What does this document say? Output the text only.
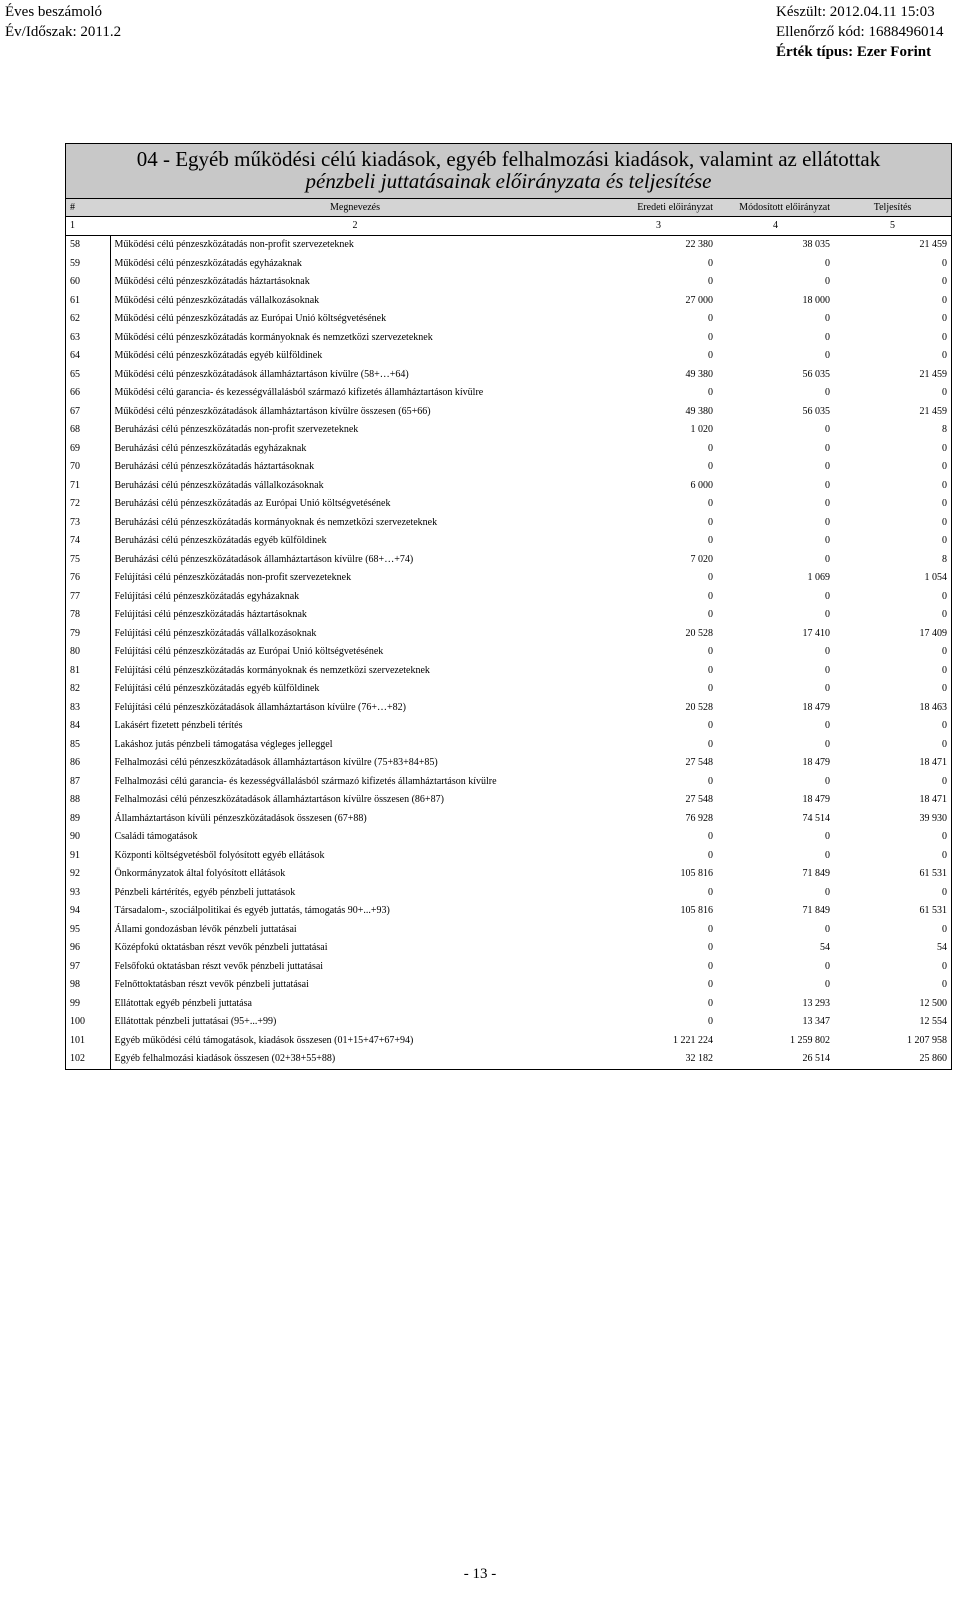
Éves beszámoló
Év/Időszak: 2011.2
Készült: 2012.04.11 15:03
Ellenőrző kód: 1688496014
Érték típus: Ezer Forint
04 - Egyéb működési célú kiadások, egyéb felhalmozási kiadások, valamint az ellátottak
pénzbeli juttatásainak előirányzata és teljesítése
#	Megnevezés	Eredeti előirányzat	Módosított előirányzat	Teljesítés
1	2	3	4	5
58	Működési célú pénzeszközátadás non-profit szervezeteknek	22 380	38 035	21 459
59	Működési célú pénzeszközátadás egyházaknak	0	0	0
60	Működési célú pénzeszközátadás háztartásoknak	0	0	0
61	Működési célú pénzeszközátadás vállalkozásoknak	27 000	18 000	0
62	Működési célú pénzeszközátadás az Európai Unió költségvetésének	0	0	0
63	Működési célú pénzeszközátadás kormányoknak és nemzetközi szervezeteknek	0	0	0
64	Működési célú pénzeszközátadás egyéb külföldinek	0	0	0
65	Működési célú pénzeszközátadások államháztartáson kívülre (58+…+64)	49 380	56 035	21 459
66	Működési célú garancia- és kezességvállalásból származó kifizetés államháztartáson kívülre	0	0	0
67	Működési célú pénzeszközátadások államháztartáson kívülre összesen (65+66)	49 380	56 035	21 459
68	Beruházási célú pénzeszközátadás non-profit szervezeteknek	1 020	0	8
69	Beruházási célú pénzeszközátadás egyházaknak	0	0	0
70	Beruházási célú pénzeszközátadás háztartásoknak	0	0	0
71	Beruházási célú pénzeszközátadás vállalkozásoknak	6 000	0	0
72	Beruházási célú pénzeszközátadás az Európai Unió költségvetésének	0	0	0
73	Beruházási célú pénzeszközátadás kormányoknak és nemzetközi szervezeteknek	0	0	0
74	Beruházási célú pénzeszközátadás egyéb külföldinek	0	0	0
75	Beruházási célú pénzeszközátadások államháztartáson kívülre (68+…+74)	7 020	0	8
76	Felújítási célú pénzeszközátadás non-profit szervezeteknek	0	1 069	1 054
77	Felújítási célú pénzeszközátadás egyházaknak	0	0	0
78	Felújítási célú pénzeszközátadás háztartásoknak	0	0	0
79	Felújítási célú pénzeszközátadás vállalkozásoknak	20 528	17 410	17 409
80	Felújítási célú pénzeszközátadás az Európai Unió költségvetésének	0	0	0
81	Felújítási célú pénzeszközátadás kormányoknak és nemzetközi szervezeteknek	0	0	0
82	Felújítási célú pénzeszközátadás egyéb külföldinek	0	0	0
83	Felújítási célú pénzeszközátadások államháztartáson kívülre (76+…+82)	20 528	18 479	18 463
84	Lakásért fizetett pénzbeli térítés	0	0	0
85	Lakáshoz jutás pénzbeli támogatása végleges jelleggel	0	0	0
86	Felhalmozási célú pénzeszközátadások államháztartáson kívülre (75+83+84+85)	27 548	18 479	18 471
87	Felhalmozási célú garancia- és kezességvállalásból származó kifizetés államháztartáson kívülre	0	0	0
88	Felhalmozási célú pénzeszközátadások államháztartáson kívülre összesen (86+87)	27 548	18 479	18 471
89	Államháztartáson kívüli pénzeszközátadások összesen (67+88)	76 928	74 514	39 930
90	Családi támogatások	0	0	0
91	Központi költségvetésből folyósított egyéb ellátások	0	0	0
92	Önkormányzatok által folyósított ellátások	105 816	71 849	61 531
93	Pénzbeli kártérítés, egyéb pénzbeli juttatások	0	0	0
94	Társadalom-, szociálpolitikai és egyéb juttatás, támogatás 90+...+93)	105 816	71 849	61 531
95	Állami gondozásban lévők pénzbeli juttatásai	0	0	0
96	Középfokú oktatásban részt vevők pénzbeli juttatásai	0	54	54
97	Felsőfokú oktatásban részt vevők pénzbeli juttatásai	0	0	0
98	Felnőttoktatásban részt vevők pénzbeli juttatásai	0	0	0
99	Ellátottak egyéb pénzbeli juttatása	0	13 293	12 500
100	Ellátottak pénzbeli juttatásai (95+...+99)	0	13 347	12 554
101	Egyéb működési célú támogatások, kiadások összesen (01+15+47+67+94)	1 221 224	1 259 802	1 207 958
102	Egyéb felhalmozási kiadások összesen (02+38+55+88)	32 182	26 514	25 860
- 13 -
